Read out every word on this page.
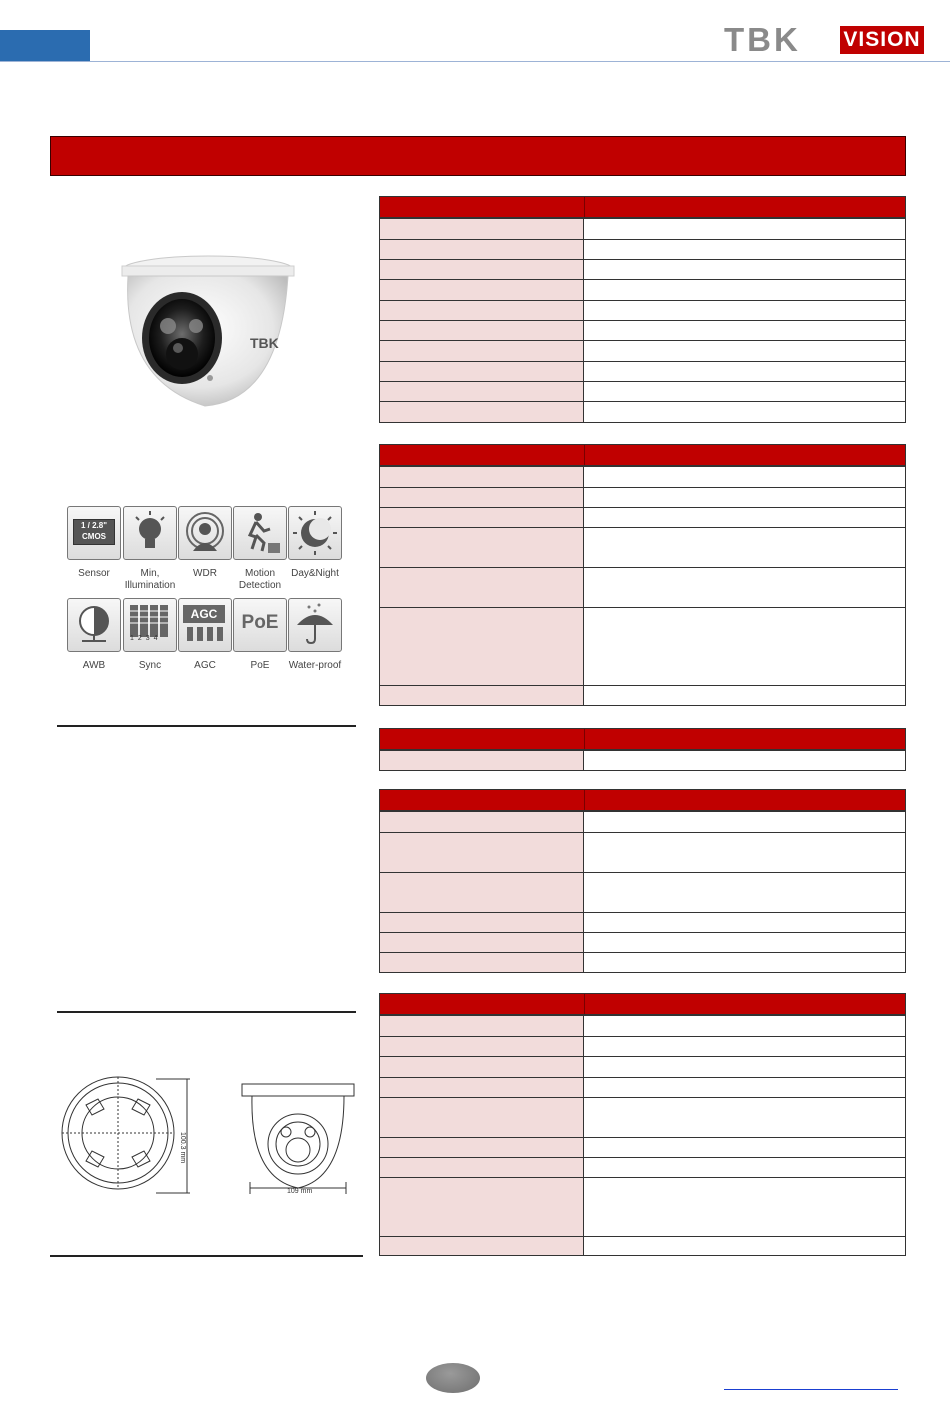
TBK VISION
TBK
1 / 2.8"
CMOS
Sensor	Min,
Illumination
WDR	Motion
Detection
Day&Night
AWB
1234
Sync
AGC
AGC
PoE
PoE	Water-proof
100.3 mm
109 mm
